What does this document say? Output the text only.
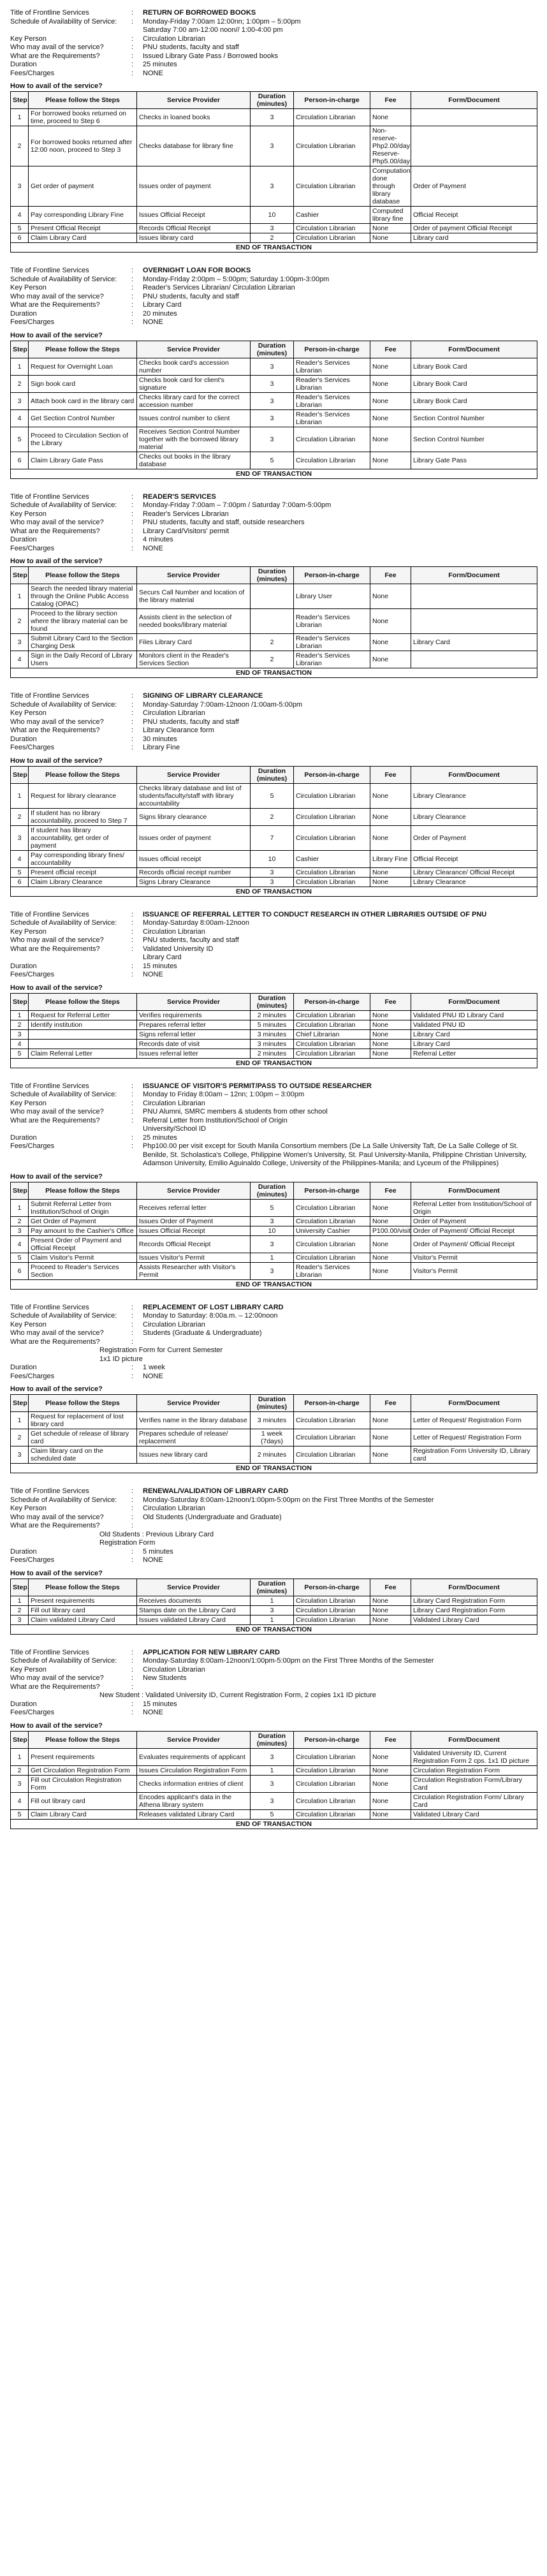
Title of Frontline Services	:	RETURN OF BORROWED BOOKS
Schedule of Availability of Service:	:	Monday-Friday 7:00am 12:00nn; 1:00pm – 5:00pm
Saturday 7:00 am-12:00 noon// 1:00-4:00 pm
Key Person	:	Circulation Librarian
Who may avail of the service?	:	PNU students, faculty and staff
What are the Requirements?	:	Issued Library Gate Pass / Borrowed books
Duration	:	25 minutes
Fees/Charges	:	NONE
How to avail of the service?
Step	Please follow the Steps	Service Provider	Duration (minutes)	Person-in-charge	Fee	Form/Document
1	For borrowed books returned on time, proceed to Step 6	Checks in loaned books	3	Circulation Librarian	None	
2	For borrowed books returned after 12:00 noon, proceed to Step 3	Checks database for library fine	3	Circulation Librarian	Non-reserve-Php2.00/day Reserve-Php5.00/day	
3	Get order of payment	Issues order of payment	3	Circulation Librarian	Computation done through library database	Order of Payment
4	Pay corresponding Library Fine	Issues Official Receipt	10	Cashier	Computed library fine	Official Receipt
5	Present Official Receipt	Records Official Receipt	3	Circulation Librarian	None	Order of payment Official Receipt
6	Claim Library Card	Issues library card	2	Circulation Librarian	None	Library card
END OF TRANSACTION						
Title of Frontline Services	:	OVERNIGHT LOAN FOR BOOKS
Schedule of Availability of Service:	:	Monday-Friday 2:00pm – 5:00pm; Saturday 1:00pm-3:00pm
Key Person	:	Reader's Services Librarian/ Circulation Librarian
Who may avail of the service?	:	PNU students, faculty and staff
What are the Requirements?	:	Library Card
Duration	:	20 minutes
Fees/Charges	:	NONE
How to avail of the service?
Step	Please follow the Steps	Service Provider	Duration (minutes)	Person-in-charge	Fee	Form/Document
1	Request for Overnight Loan	Checks book card's accession number	3	Reader's Services Librarian	None	Library Book Card
2	Sign book card	Checks book card for client's signature	3	Reader's Services Librarian	None	Library Book Card
3	Attach book card in the library card	Checks library card for the correct accession number	3	Reader's Services Librarian	None	Library Book Card
4	Get Section Control Number	Issues control number to client	3	Reader's Services Librarian	None	Section Control Number
5	Proceed to Circulation Section of the Library	Receives Section Control Number together with the borrowed library material	3	Circulation Librarian	None	Section Control Number
6	Claim Library Gate Pass	Checks out books in the library database	5	Circulation Librarian	None	Library Gate Pass
END OF TRANSACTION						
Title of Frontline Services	:	READER'S SERVICES
Schedule of Availability of Service:	:	Monday-Friday 7:00am – 7:00pm / Saturday 7:00am-5:00pm
Key Person	:	Reader's Services Librarian
Who may avail of the service?	:	PNU students, faculty and staff, outside researchers
What are the Requirements?	:	Library Card/Visitors' permit
Duration	:	4 minutes
Fees/Charges	:	NONE
How to avail of the service?
Step	Please follow the Steps	Service Provider	Duration (minutes)	Person-in-charge	Fee	Form/Document
1	Search the needed library material through the Online Public Access Catalog (OPAC)	Securs Call Number and location of the library material		Library User	None	
2	Proceed to the library section where the library material can be found	Assists client in the selection of needed books/library material		Reader's Services Librarian	None	
3	Submit Library Card to the Section Charging Desk	Files Library Card	2	Reader's Services Librarian	None	Library Card
4	Sign in the Daily Record of Library Users	Monitors client in the Reader's Services Section	2	Reader's Services Librarian	None	
END OF TRANSACTION						
Title of Frontline Services	:	SIGNING OF LIBRARY CLEARANCE
Schedule of Availability of Service:	:	Monday-Saturday 7:00am-12noon /1:00am-5:00pm
Key Person	:	Circulation Librarian
Who may avail of the service?	:	PNU students, faculty and staff
What are the Requirements?	:	Library Clearance form
Duration	:	30 minutes
Fees/Charges	:	Library Fine
How to avail of the service?
Step	Please follow the Steps	Service Provider	Duration (minutes)	Person-in-charge	Fee	Form/Document
1	Request for library clearance	Checks library database and list of students/faculty/staff with library accountability	5	Circulation Librarian	None	Library Clearance
2	If student has no library accountability, proceed to Step 7	Signs library clearance	2	Circulation Librarian	None	Library Clearance
3	If student has library accountability, get order of payment	Issues order of payment	7	Circulation Librarian	None	Order of Payment
4	Pay corresponding library fines/ accountability	Issues official receipt	10	Cashier	Library Fine	Official Receipt
5	Present official receipt	Records official receipt number	3	Circulation Librarian	None	Library Clearance/ Official Receipt
6	Claim Library Clearance	Signs Library Clearance	3	Circulation Librarian	None	Library Clearance
END OF TRANSACTION						
Title of Frontline Services	:	ISSUANCE OF REFERRAL LETTER TO CONDUCT RESEARCH IN OTHER LIBRARIES OUTSIDE OF PNU
Schedule of Availability of Service:	:	Monday-Saturday 8:00am-12noon
Key Person	:	Circulation Librarian
Who may avail of the service?	:	PNU students, faculty and staff
What are the Requirements?	:	Validated University ID
Library Card
Duration	:	15 minutes
Fees/Charges	:	NONE
How to avail of the service?
Step	Please follow the Steps	Service Provider	Duration (minutes)	Person-in-charge	Fee	Form/Document
1	Request for Referral Letter	Verifies requirements	2 minutes	Circulation Librarian	None	Validated PNU ID Library Card
2	Identify institution	Prepares referral letter	5 minutes	Circulation Librarian	None	Validated PNU ID
3		Signs referral letter	3 minutes	Chief Librarian	None	Library Card
4		Records date of visit	3 minutes	Circulation Librarian	None	Library Card
5	Claim Referral Letter	Issues referral letter	2 minutes	Circulation Librarian	None	Referral Letter
END OF TRANSACTION						
Title of Frontline Services	:	ISSUANCE OF VISITOR'S PERMIT/PASS TO OUTSIDE RESEARCHER
Schedule of Availability of Service:	:	Monday to Friday 8:00am – 12nn; 1:00pm – 3:00pm
Key Person	:	Circulation Librarian
Who may avail of the service?	:	PNU Alumni, SMRC members & students from other school
What are the Requirements?	:	Referral Letter from Institution/School of Origin
University/School ID
Duration	:	25 minutes
Fees/Charges	:	Php100.00 per visit except for South Manila Consortium members (De La Salle University Taft, De La Salle College of St. Benilde, St. Scholastica's College, Philippine Women's University, St. Paul University-Manila, Philippine Christian University, Adamson University, Emilio Aguinaldo College, University of the Philippines-Manila; and Lyceum of the Philippines)
How to avail of the service?
Step	Please follow the Steps	Service Provider	Duration (minutes)	Person-in-charge	Fee	Form/Document
1	Submit Referral Letter from Institution/School of Origin	Receives referral letter	5	Circulation Librarian	None	Referral Letter from Institution/School of Origin
2	Get Order of Payment	Issues Order of Payment	3	Circulation Librarian	None	Order of Payment
3	Pay amount to the Cashier's Office	Issues Official Receipt	10	University Cashier	P100.00/visit	Order of Payment/ Official Receipt
4	Present Order of Payment and Official Receipt	Records Official Receipt	3	Circulation Librarian	None	Order of Payment/ Official Receipt
5	Claim Visitor's Permit	Issues Visitor's Permit	1	Circulation Librarian	None	Visitor's Permit
6	Proceed to Reader's Services Section	Assists Researcher with Visitor's Permit	3	Reader's Services Librarian	None	Visitor's Permit
END OF TRANSACTION						
Title of Frontline Services	:	REPLACEMENT OF LOST LIBRARY CARD
Schedule of Availability of Service:	:	Monday to Saturday: 8:00a.m. – 12:00noon
Key Person	:	Circulation Librarian
Who may avail of the service?	:	Students (Graduate & Undergraduate)
What are the Requirements?	:
Registration Form for Current Semester
1x1 ID picture
Duration	:	1 week
Fees/Charges	:	NONE
How to avail of the service?
Step	Please follow the Steps	Service Provider	Duration (minutes)	Person-in-charge	Fee	Form/Document
1	Request for replacement of lost library card	Verifies name in the library database	3 minutes	Circulation Librarian	None	Letter of Request/ Registration Form
2	Get schedule of release of library card	Prepares schedule of release/ replacement	1 week (7days)	Circulation Librarian	None	Letter of Request/ Registration Form
3	Claim library card on the scheduled date	Issues new library card	2 minutes	Circulation Librarian	None	Registration Form University ID, Library card
END OF TRANSACTION						
Title of Frontline Services	:	RENEWAL/VALIDATION OF LIBRARY CARD
Schedule of Availability of Service:	:	Monday-Saturday 8:00am-12noon/1:00pm-5:00pm on the First Three Months of the Semester
Key Person	:	Circulation Librarian
Who may avail of the service?	:	Old Students (Undergraduate and Graduate)
What are the Requirements?	:
Old Students : Previous Library Card
Registration Form
Duration	:	5 minutes
Fees/Charges	:	NONE
How to avail of the service?
Step	Please follow the Steps	Service Provider	Duration (minutes)	Person-in-charge	Fee	Form/Document
1	Present requirements	Receives documents	1	Circulation Librarian	None	Library Card Registration Form
2	Fill out library card	Stamps date on the Library Card	3	Circulation Librarian	None	Library Card Registration Form
3	Claim validated Library Card	Issues validated Library Card	1	Circulation Librarian	None	Validated Library Card
END OF TRANSACTION						
Title of Frontline Services	:	APPLICATION FOR NEW LIBRARY CARD
Schedule of Availability of Service:	:	Monday-Saturday 8:00am-12noon/1:00pm-5:00pm on the First Three Months of the Semester
Key Person	:	Circulation Librarian
Who may avail of the service?	:	New Students
What are the Requirements?	:
New Student : Validated University ID, Current Registration Form, 2 copies 1x1 ID picture
Duration	:	15 minutes
Fees/Charges	:	NONE
How to avail of the service?
Step	Please follow the Steps	Service Provider	Duration (minutes)	Person-in-charge	Fee	Form/Document
1	Present requirements	Evaluates requirements of applicant	3	Circulation Librarian	None	Validated University ID, Current Registration Form 2 cps. 1x1 ID picture
2	Get Circulation Registration Form	Issues Circulation Registration Form	1	Circulation Librarian	None	Circulation Registration Form
3	Fill out Circulation Registration Form	Checks information entries of client	3	Circulation Librarian	None	Circulation Registration Form/Library Card
4	Fill out library card	Encodes applicant's data in the Athena library system	3	Circulation Librarian	None	Circulation Registration Form/ Library Card
5	Claim Library Card	Releases validated Library Card	5	Circulation Librarian	None	Validated Library Card
END OF TRANSACTION						
